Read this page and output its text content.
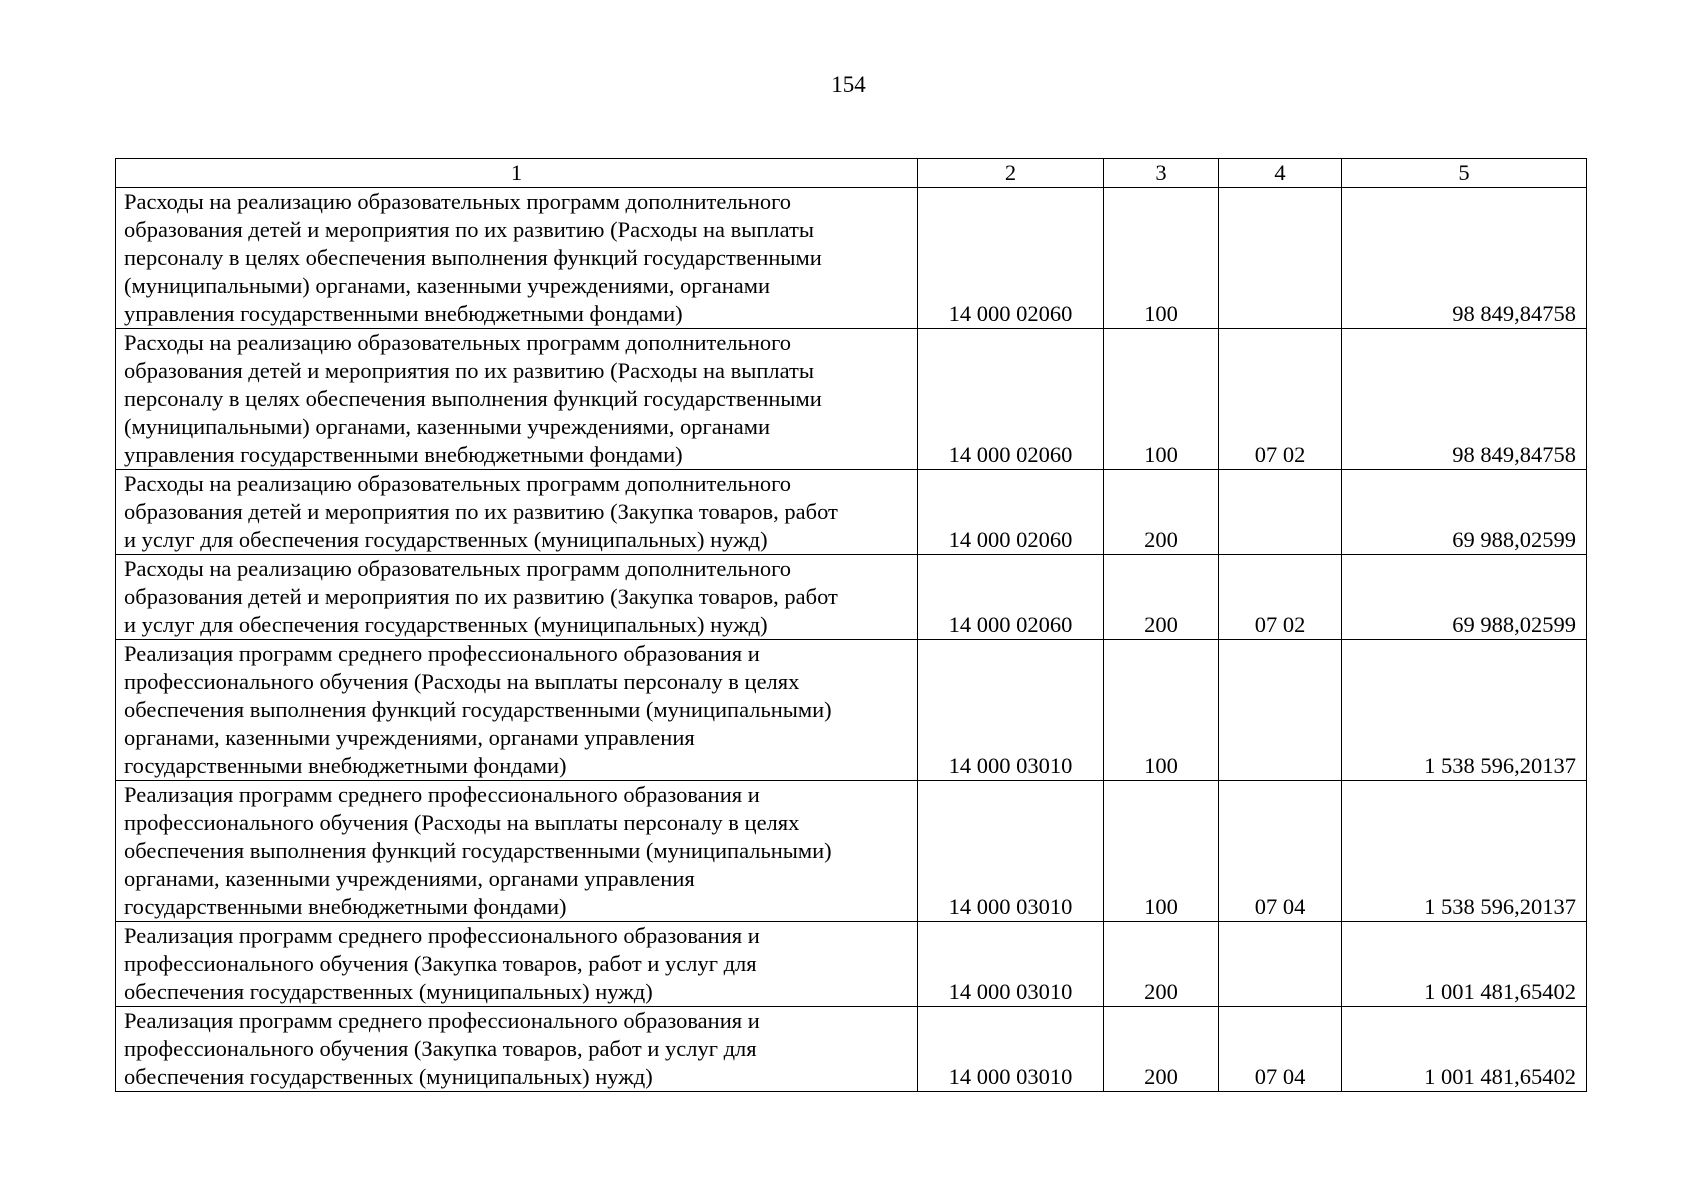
154
1	2	3	4	5

Расходы на реализацию образовательных программ дополнительного
образования детей и мероприятия по их развитию (Расходы на выплаты
персоналу в целях обеспечения выполнения функций государственными
(муниципальными) органами, казенными учреждениями, органами
управления государственными внебюджетными фондами)	14 000 02060	100		98 849,84758

Расходы на реализацию образовательных программ дополнительного
образования детей и мероприятия по их развитию (Расходы на выплаты
персоналу в целях обеспечения выполнения функций государственными
(муниципальными) органами, казенными учреждениями, органами
управления государственными внебюджетными фондами)	14 000 02060	100	07 02	98 849,84758

Расходы на реализацию образовательных программ дополнительного
образования детей и мероприятия по их развитию (Закупка товаров, работ
и услуг для обеспечения государственных (муниципальных) нужд)	14 000 02060	200		69 988,02599

Расходы на реализацию образовательных программ дополнительного
образования детей и мероприятия по их развитию (Закупка товаров, работ
и услуг для обеспечения государственных (муниципальных) нужд)	14 000 02060	200	07 02	69 988,02599

Реализация программ среднего профессионального образования и
профессионального обучения (Расходы на выплаты персоналу в целях
обеспечения выполнения функций государственными (муниципальными)
органами, казенными учреждениями, органами управления
государственными внебюджетными фондами)	14 000 03010	100		1 538 596,20137

Реализация программ среднего профессионального образования и
профессионального обучения (Расходы на выплаты персоналу в целях
обеспечения выполнения функций государственными (муниципальными)
органами, казенными учреждениями, органами управления
государственными внебюджетными фондами)	14 000 03010	100	07 04	1 538 596,20137

Реализация программ среднего профессионального образования и
профессионального обучения (Закупка товаров, работ и услуг для
обеспечения государственных (муниципальных) нужд)	14 000 03010	200		1 001 481,65402

Реализация программ среднего профессионального образования и
профессионального обучения (Закупка товаров, работ и услуг для
обеспечения государственных (муниципальных) нужд)	14 000 03010	200	07 04	1 001 481,65402
